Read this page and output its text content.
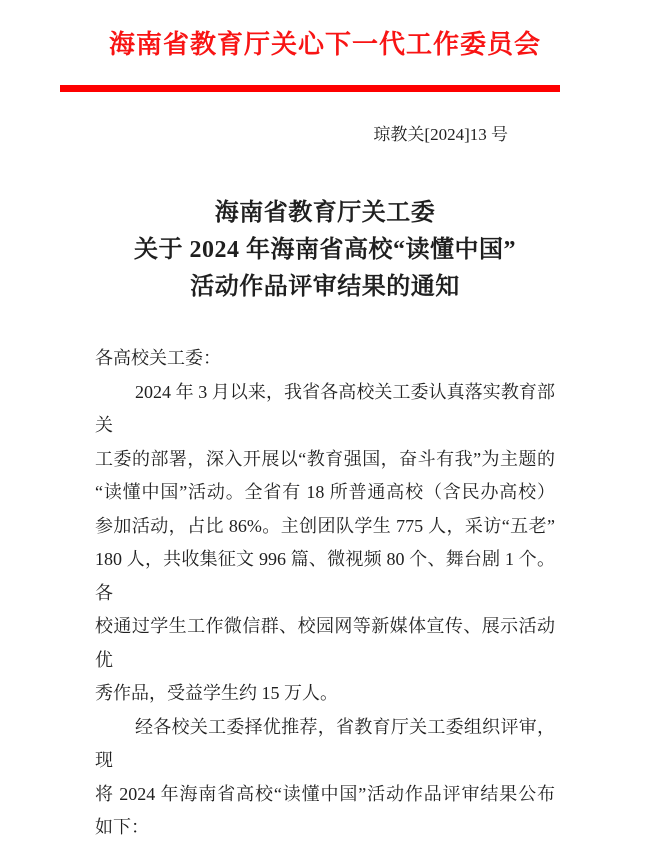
海南省教育厅关心下一代工作委员会
琼教关[2024]13 号
海南省教育厅关工委
关于 2024 年海南省高校“读懂中国”
活动作品评审结果的通知

各高校关工委：

2024 年 3 月以来，我省各高校关工委认真落实教育部关

工委的部署，深入开展以“教育强国，奋斗有我”为主题的

“读懂中国”活动。全省有 18 所普通高校（含民办高校）

参加活动，占比 86%。主创团队学生 775 人，采访“五老”

180 人，共收集征文 996 篇、微视频 80 个、舞台剧 1 个。各

校通过学生工作微信群、校园网等新媒体宣传、展示活动优

秀作品，受益学生约 15 万人。

经各校关工委择优推荐，省教育厅关工委组织评审，现

将 2024 年海南省高校“读懂中国”活动作品评审结果公布

如下：
